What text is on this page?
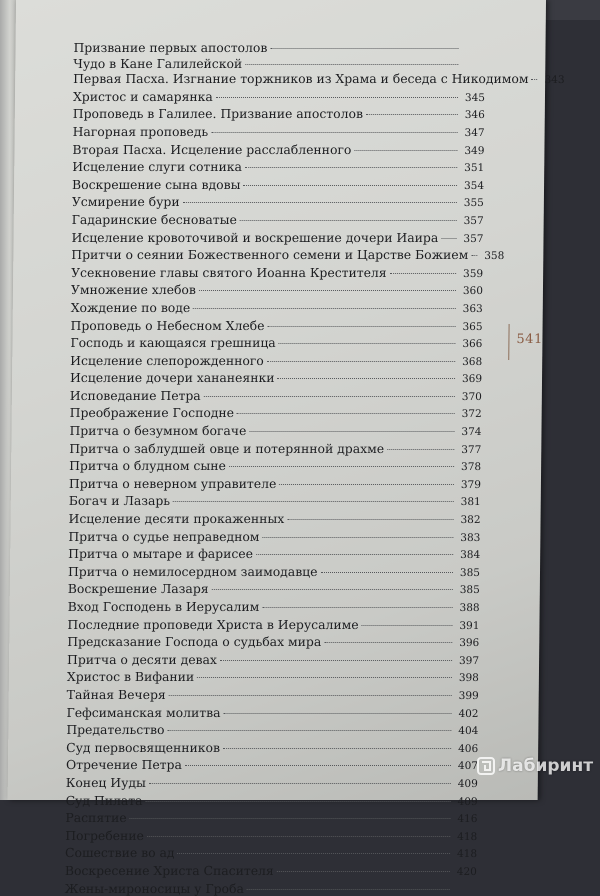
Призвание первых апостолов
Чудо в Кане Галилейской
Первая Пасха. Изгнание торжников из Храма и беседа с Никодимом	343
Христос и самарянка	345
Проповедь в Галилее. Призвание апостолов	346
Нагорная проповедь	347
Вторая Пасха. Исцеление расслабленного	349
Исцеление слуги сотника	351
Воскрешение сына вдовы	354
Усмирение бури	355
Гадаринские бесноватые	357
Исцеление кровоточивой и воскрешение дочери Иаира	357
Притчи о сеянии Божественного семени и Царстве Божием	358
Усекновение главы святого Иоанна Крестителя	359
Умножение хлебов	360
Хождение по воде	363
Проповедь о Небесном Хлебе	365
Господь и кающаяся грешница	366
Исцеление слепорожденного	368
Исцеление дочери хананеянки	369
Исповедание Петра	370
Преображение Господне	372
Притча о безумном богаче	374
Притча о заблудшей овце и потерянной драхме	377
Притча о блудном сыне	378
Притча о неверном управителе	379
Богач и Лазарь	381
Исцеление десяти прокаженных	382
Притча о судье неправедном	383
Притча о мытаре и фарисее	384
Притча о немилосердном заимодавце	385
Воскрешение Лазаря	385
Вход Господень в Иерусалим	388
Последние проповеди Христа в Иерусалиме	391
Предсказание Господа о судьбах мира	396
Притча о десяти девах	397
Христос в Вифании	398
Тайная Вечеря	399
Гефсиманская молитва	402
Предательство	404
Суд первосвященников	406
Отречение Петра	407
Конец Иуды	409
Суд Пилата	409
Распятие	416
Погребение	418
Сошествие во ад	418
Воскресение Христа Спасителя	420
Жены-мироносицы у Гроба
541
Лабиринт
